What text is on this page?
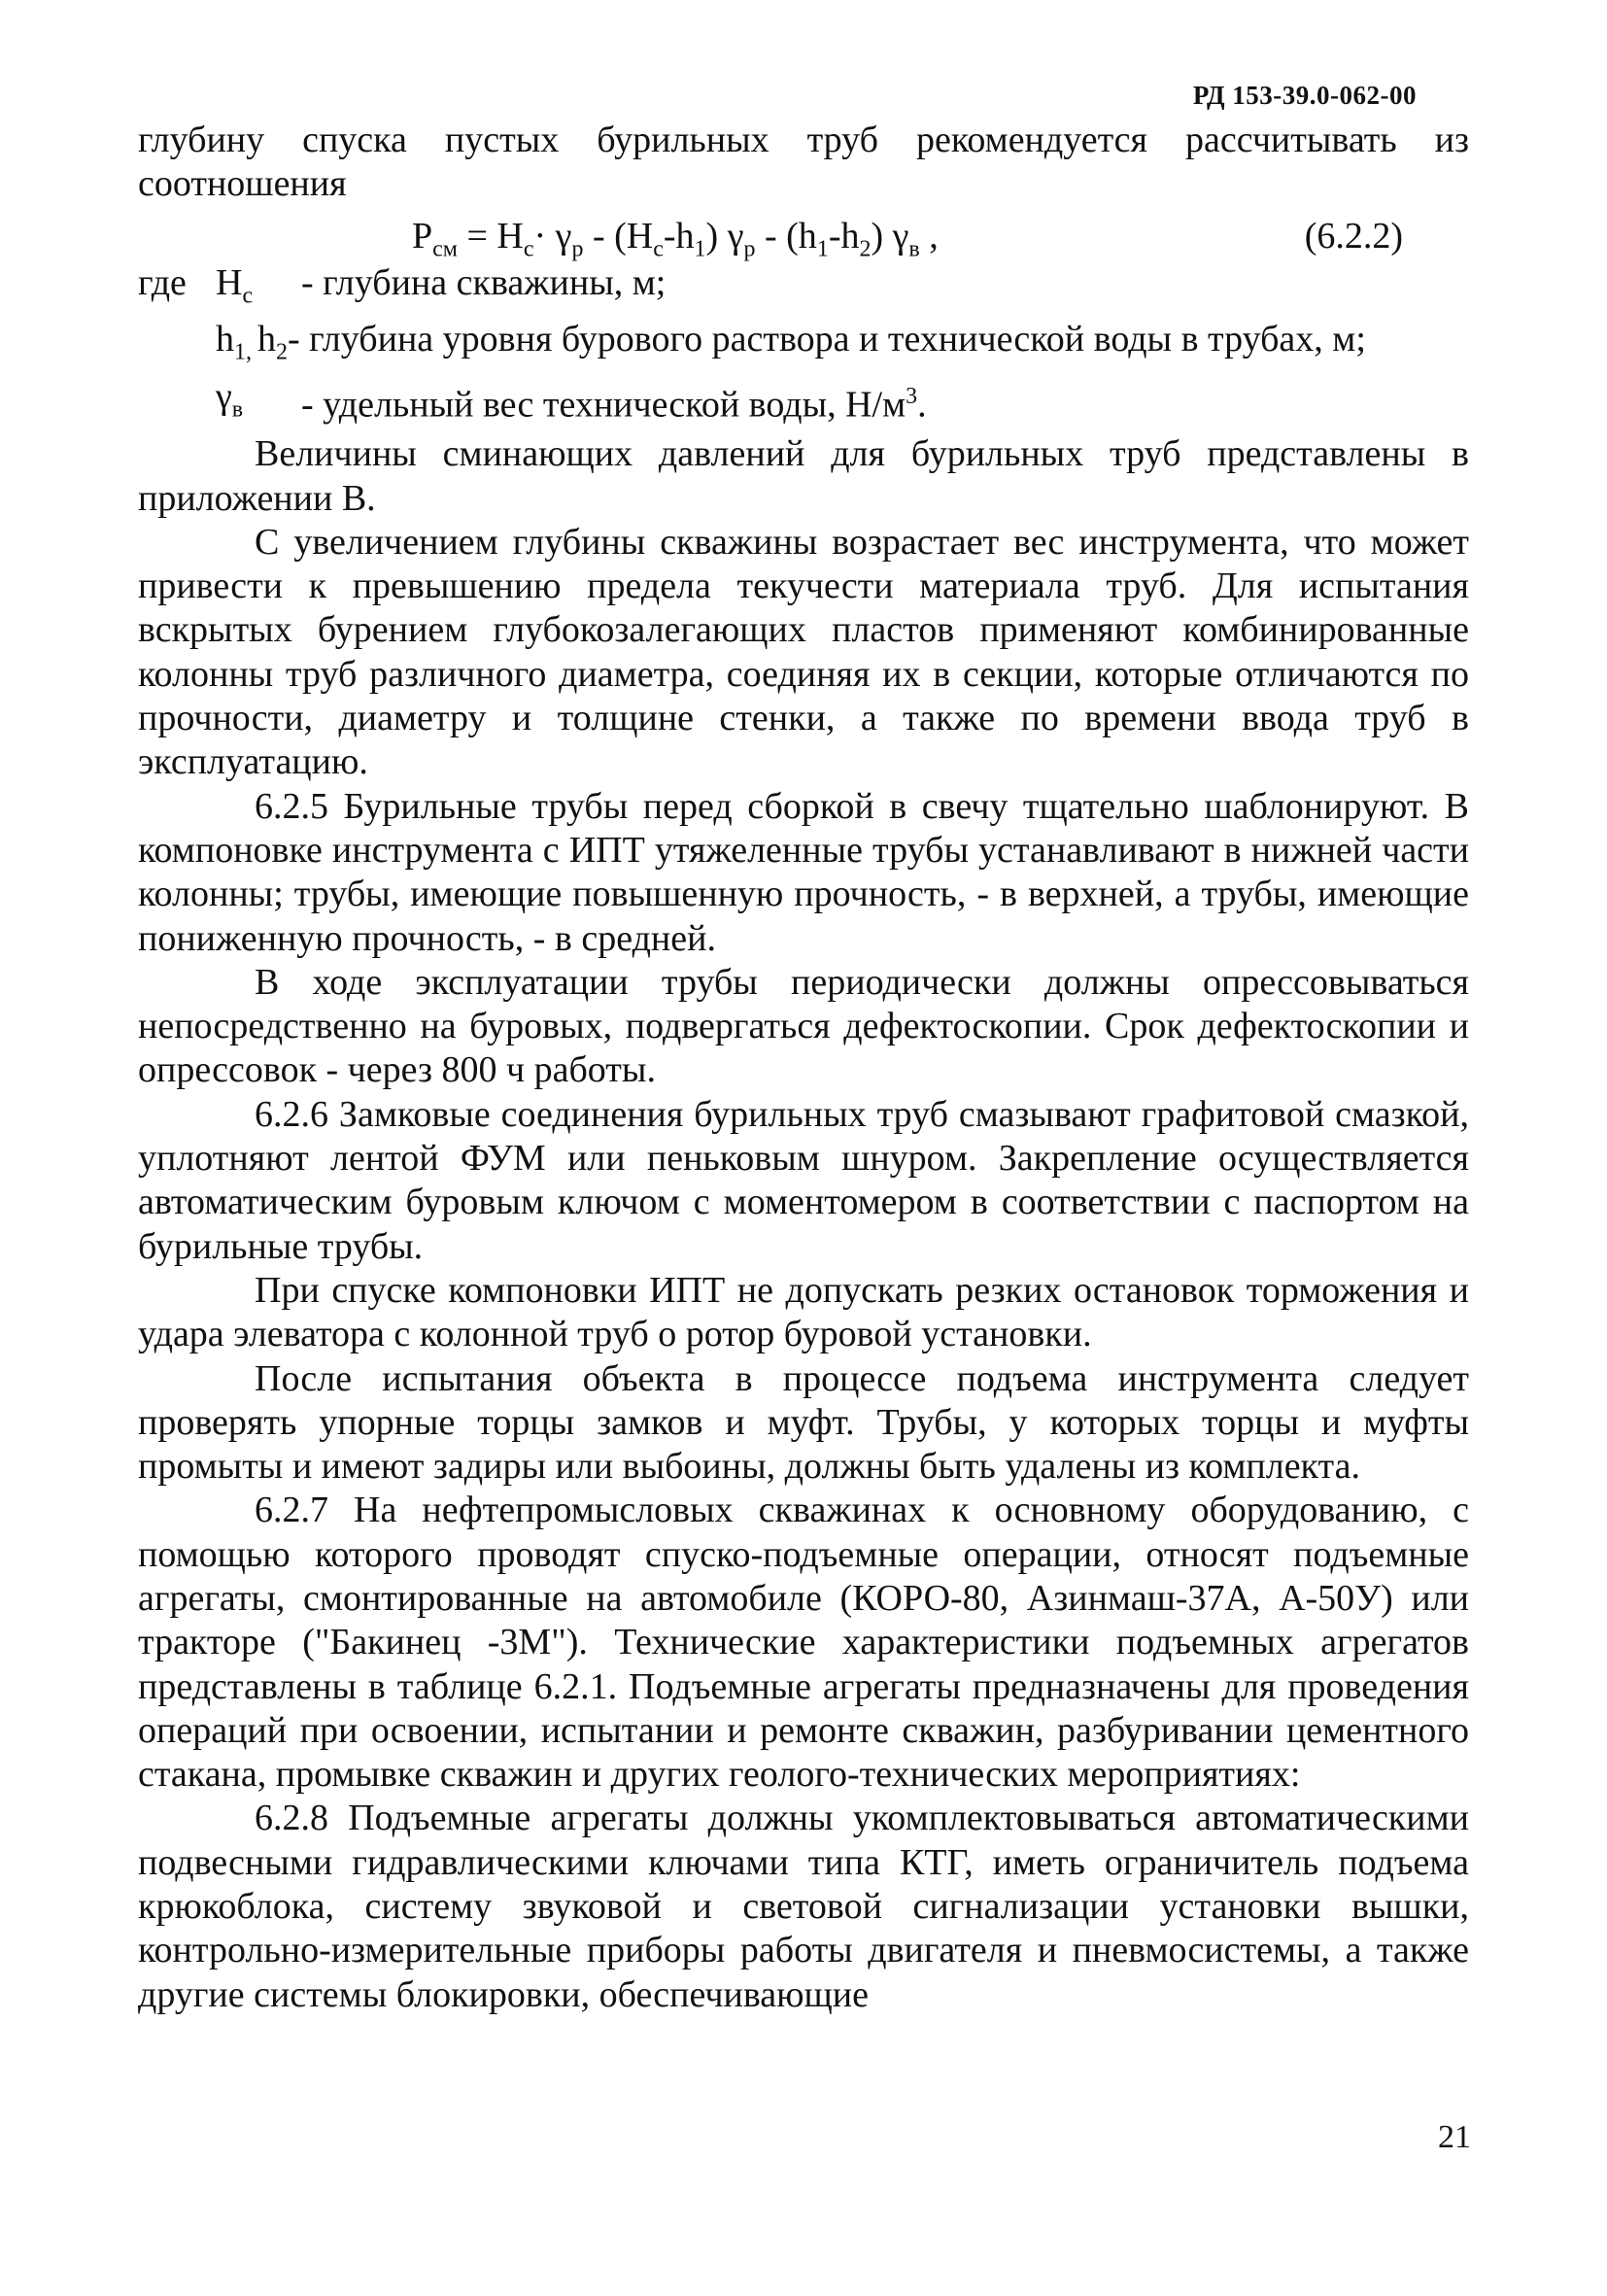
РД 153-39.0-062-00

глубину спуска пустых бурильных труб рекомендуется рассчитывать из соотношения

$P_{см} = H_c\cdot \gamma_р - (H_c-h_1)$ $\gamma_р - (h_1-h_2)$ $\gamma_в$ ,	(6.2.2)
где $H_c$	- глубина скважины, м;
$h_{1,}$ $h_2$ - глубина уровня бурового раствора и технической воды в трубах, м;
$\gamma_в$	- удельный вес технической воды, $Н/м^3$.

Величины сминающих давлений для бурильных труб представлены в приложении В.

С увеличением глубины скважины возрастает вес инструмента, что может привести к превышению предела текучести материала труб. Для испытания вскрытых бурением глубокозалегающих пластов применяют комбинированные колонны труб различного диаметра, соединяя их в секции, которые отличаются по прочности, диаметру и толщине стенки, а также по времени ввода труб в эксплуатацию.

6.2.5 Бурильные трубы перед сборкой в свечу тщательно шаблонируют. В компоновке инструмента с ИПТ утяжеленные трубы устанавливают в нижней части колонны; трубы, имеющие повышенную прочность, - в верхней, а трубы, имеющие пониженную прочность, - в средней.

В ходе эксплуатации трубы периодически должны опрессовываться непосредственно на буровых, подвергаться дефектоскопии. Срок дефектоскопии и опрессовок - через 800 ч работы.

6.2.6 Замковые соединения бурильных труб смазывают графитовой смазкой, уплотняют лентой ФУМ или пеньковым шнуром. Закрепление осуществляется автоматическим буровым ключом с моментомером в соответствии с паспортом на бурильные трубы.

При спуске компоновки ИПТ не допускать резких остановок торможения и удара элеватора с колонной труб о ротор буровой установки.

После испытания объекта в процессе подъема инструмента следует проверять упорные торцы замков и муфт. Трубы, у которых торцы и муфты промыты и имеют задиры или выбоины, должны быть удалены из комплекта.

6.2.7 На нефтепромысловых скважинах к основному оборудованию, с помощью которого проводят спуско-подъемные операции, относят подъемные агрегаты, смонтированные на автомобиле (КОРО-80, Азинмаш-37А, А-50У) или тракторе ("Бакинец -3М"). Технические характеристики подъемных агрегатов представлены в таблице 6.2.1. Подъемные агрегаты предназначены для проведения операций при освоении, испытании и ремонте скважин, разбуривании цементного стакана, промывке скважин и других геолого-технических мероприятиях:

6.2.8 Подъемные агрегаты должны укомплектовываться автоматическими подвесными гидравлическими ключами типа КТГ, иметь ограничитель подъема крюкоблока, систему звуковой и световой сигнализации установки вышки, контрольно-измерительные приборы работы двигателя и пневмосистемы, а также другие системы блокировки, обеспечивающие

21
